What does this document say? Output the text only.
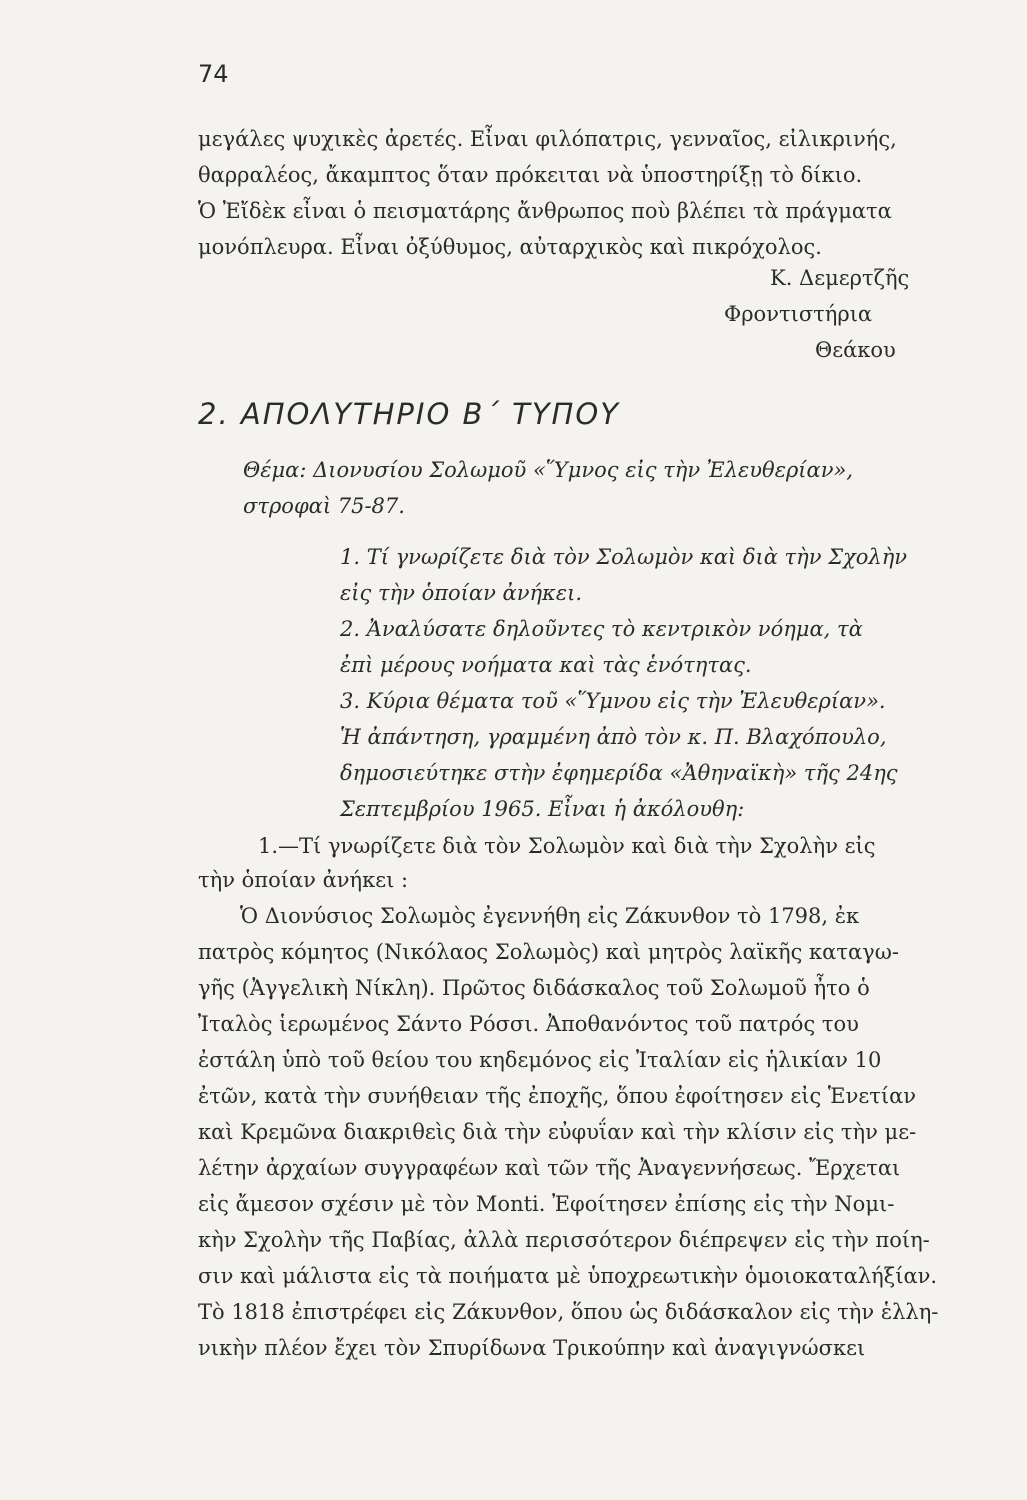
74
μεγάλες ψυχικὲς ἀρετές. Εἶναι φιλόπατρις, γενναῖος, εἰλικρινής,
θαρραλέος, ἄκαμπτος ὅταν πρόκειται νὰ ὑποστηρίξῃ τὸ δίκιο.
Ὁ Ἐἴδὲκ εἶναι ὁ πεισματάρης ἄνθρωπος ποὺ βλέπει τὰ πράγματα
μονόπλευρα. Εἶναι ὀξύθυμος, αὐταρχικὸς καὶ πικρόχολος.
Κ. Δεμερτζῆς
Φροντιστήρια
Θεάκου
2. ΑΠΟΛΥΤΗΡΙΟ Β΄ ΤΥΠΟΥ
Θέμα: Διονυσίου Σολωμοῦ «Ὕμνος εἰς τὴν Ἐλευθερίαν»,
στροφαὶ 75-87.
1. Τί γνωρίζετε διὰ τὸν Σολωμὸν καὶ διὰ τὴν Σχολὴν
εἰς τὴν ὁποίαν ἀνήκει.
2. Ἀναλύσατε δηλοῦντες τὸ κεντρικὸν νόημα, τὰ
ἐπὶ μέρους νοήματα καὶ τὰς ἑνότητας.
3. Κύρια θέματα τοῦ «Ὕμνου εἰς τὴν Ἐλευθερίαν».
Ἡ ἀπάντηση, γραμμένη ἀπὸ τὸν κ. Π. Βλαχόπουλο,
δημοσιεύτηκε στὴν ἐφημερίδα «Ἀθηναϊκὴ» τῆς 24ης
Σεπτεμβρίου 1965. Εἶναι ἡ ἀκόλουθη:
1.—Τί γνωρίζετε διὰ τὸν Σολωμὸν καὶ διὰ τὴν Σχολὴν εἰς
τὴν ὁποίαν ἀνήκει :
Ὁ Διονύσιος Σολωμὸς ἐγεννήθη εἰς Ζάκυνθον τὸ 1798, ἐκ
πατρὸς κόμητος (Νικόλαος Σολωμὸς) καὶ μητρὸς λαϊκῆς καταγω-
γῆς (Ἀγγελικὴ Νίκλη). Πρῶτος διδάσκαλος τοῦ Σολωμοῦ ἦτο ὁ
Ἰταλὸς ἱερωμένος Σάντο Ρόσσι. Ἀποθανόντος τοῦ πατρός του
ἐστάλη ὑπὸ τοῦ θείου του κηδεμόνος εἰς Ἰταλίαν εἰς ἡλικίαν 10
ἐτῶν, κατὰ τὴν συνήθειαν τῆς ἐποχῆς, ὅπου ἐφοίτησεν εἰς Ἑνετίαν
καὶ Κρεμῶνα διακριθεὶς διὰ τὴν εὐφυΐαν καὶ τὴν κλίσιν εἰς τὴν με-
λέτην ἀρχαίων συγγραφέων καὶ τῶν τῆς Ἀναγεννήσεως. Ἔρχεται
εἰς ἄμεσον σχέσιν μὲ τὸν Monti. Ἐφοίτησεν ἐπίσης εἰς τὴν Νομι-
κὴν Σχολὴν τῆς Παβίας, ἀλλὰ περισσότερον διέπρεψεν εἰς τὴν ποίη-
σιν καὶ μάλιστα εἰς τὰ ποιήματα μὲ ὑποχρεωτικὴν ὁμοιοκαταλήξίαν.
Τὸ 1818 ἐπιστρέφει εἰς Ζάκυνθον, ὅπου ὡς διδάσκαλον εἰς τὴν ἑλλη-
νικὴν πλέον ἔχει τὸν Σπυρίδωνα Τρικούπην καὶ ἀναγιγνώσκει
